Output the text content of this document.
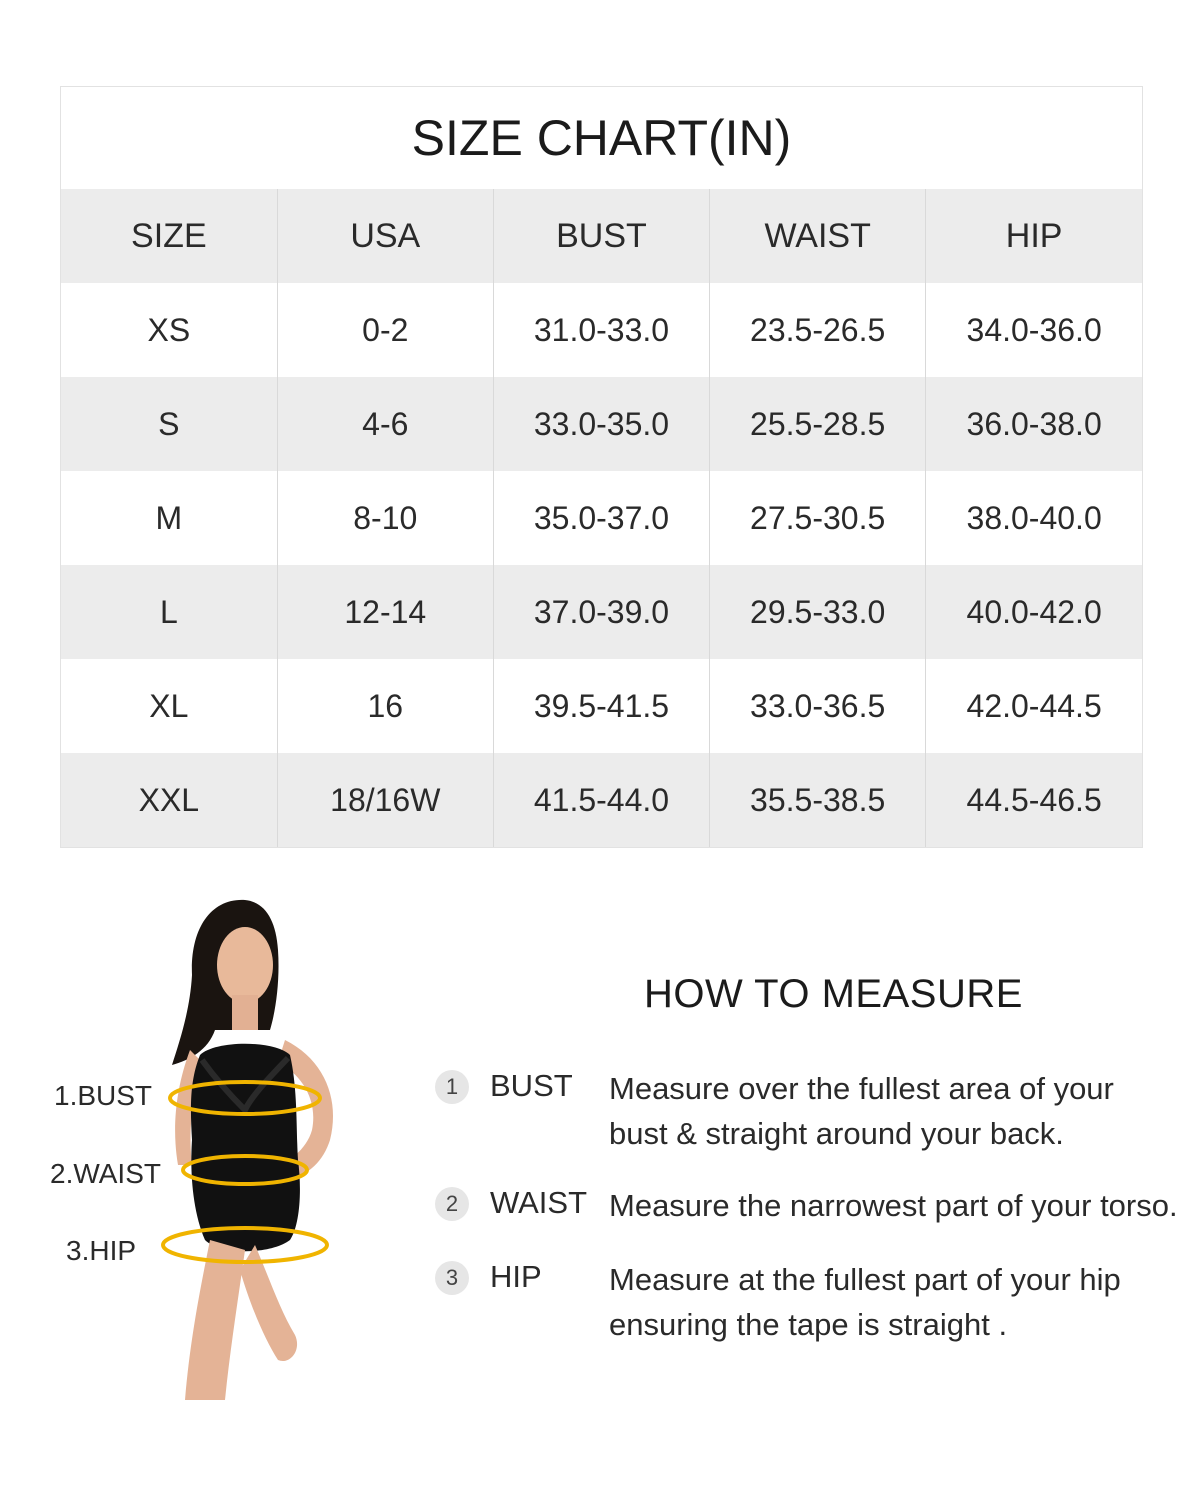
SIZE CHART(IN)
SIZE	USA	BUST	WAIST	HIP
XS	0-2	31.0-33.0	23.5-26.5	34.0-36.0
S	4-6	33.0-35.0	25.5-28.5	36.0-38.0
M	8-10	35.0-37.0	27.5-30.5	38.0-40.0
L	12-14	37.0-39.0	29.5-33.0	40.0-42.0
XL	16	39.5-41.5	33.0-36.5	42.0-44.5
XXL	18/16W	41.5-44.0	35.5-38.5	44.5-46.5
1.BUST
2.WAIST
3.HIP
HOW TO MEASURE
1	BUST Measure over the fullest area of your
bust & straight around your back.
2	WAIST Measure the narrowest part of your torso.
3	HIP Measure at the fullest part of your hip
ensuring the tape is straight .
